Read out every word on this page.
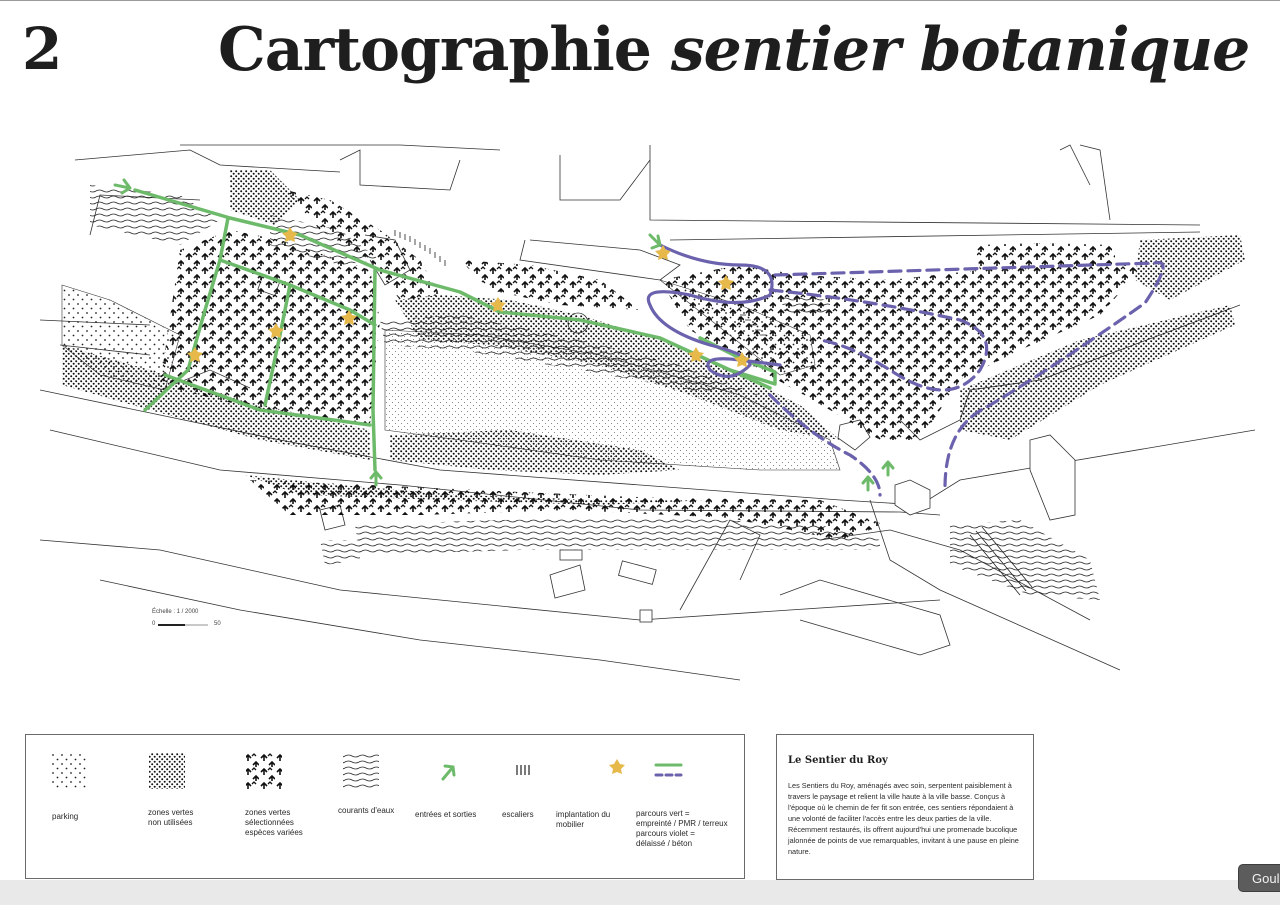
2	Cartographie sentier botanique
Échelle : 1 / 2000
0	50
parking	zones vertes
non utilisées
zones vertes
sélectionnées
espèces variées
courants d'eaux	entrées et sorties	escaliers	implantation du
mobilier
parcours vert =
empreinté / PMR / terreux
parcours violet =
délaissé / béton

Le Sentier du Roy

Les Sentiers du Roy, aménagés avec soin, serpentent paisiblement à travers le paysage et relient la ville haute à la ville basse. Conçus à l'époque où le chemin de fer fit son entrée, ces sentiers répondaient à une volonté de faciliter l'accès entre les deux parties de la ville. Récemment restaurés, ils offrent aujourd'hui une promenade bucolique jalonnée de points de vue remarquables, invitant à une pause en pleine nature.

Goul
